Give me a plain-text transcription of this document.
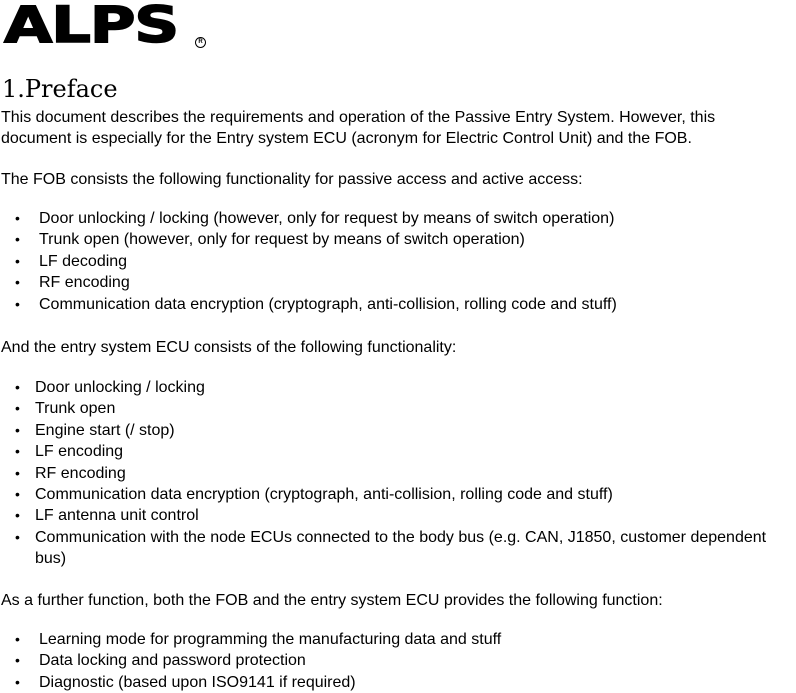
ALPS	R
1.Preface

This document describes the requirements and operation of the Passive Entry System. However, this

document is especially for the Entry system ECU (acronym for Electric Control Unit) and the FOB.

The FOB consists the following functionality for passive access and active access:

• Door unlocking / locking (however, only for request by means of switch operation)
• Trunk open (however, only for request by means of switch operation)
• LF decoding
• RF encoding
• Communication data encryption (cryptograph, anti-collision, rolling code and stuff)

And the entry system ECU consists of the following functionality:

• Door unlocking / locking
• Trunk open
• Engine start (/ stop)
• LF encoding
• RF encoding
• Communication data encryption (cryptograph, anti-collision, rolling code and stuff)
• LF antenna unit control
• Communication with the node ECUs connected to the body bus (e.g. CAN, J1850, customer dependent bus)

As a further function, both the FOB and the entry system ECU provides the following function:

• Learning mode for programming the manufacturing data and stuff
• Data locking and password protection
• Diagnostic (based upon ISO9141 if required)
